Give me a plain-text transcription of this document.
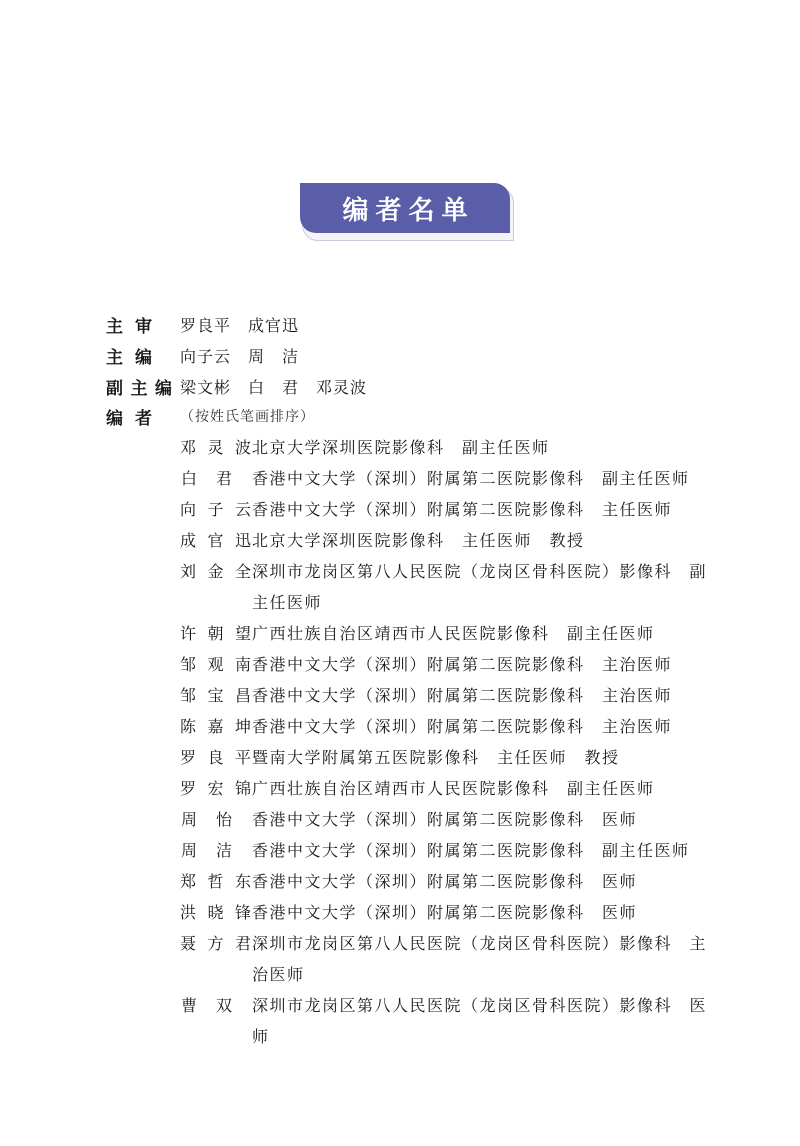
编者名单
主 审 罗良平　成官迅
主 编 向子云　周　洁
副 主 编 梁文彬　白　君　邓灵波
编 者 （按姓氏笔画排序）
邓 灵 波 北京大学深圳医院影像科　副主任医师
白 君 香港中文大学（深圳）附属第二医院影像科　副主任医师
向 子 云 香港中文大学（深圳）附属第二医院影像科　主任医师
成 官 迅 北京大学深圳医院影像科　主任医师　教授
刘 金 全 深圳市龙岗区第八人民医院（龙岗区骨科医院）影像科　副主任医师
许 朝 望 广西壮族自治区靖西市人民医院影像科　副主任医师
邹 观 南 香港中文大学（深圳）附属第二医院影像科　主治医师
邹 宝 昌 香港中文大学（深圳）附属第二医院影像科　主治医师
陈 嘉 坤 香港中文大学（深圳）附属第二医院影像科　主治医师
罗 良 平 暨南大学附属第五医院影像科　主任医师　教授
罗 宏 锦 广西壮族自治区靖西市人民医院影像科　副主任医师
周 怡 香港中文大学（深圳）附属第二医院影像科　医师
周 洁 香港中文大学（深圳）附属第二医院影像科　副主任医师
郑 哲 东 香港中文大学（深圳）附属第二医院影像科　医师
洪 晓 锋 香港中文大学（深圳）附属第二医院影像科　医师
聂 方 君 深圳市龙岗区第八人民医院（龙岗区骨科医院）影像科　主治医师
曹 双 深圳市龙岗区第八人民医院（龙岗区骨科医院）影像科　医师
